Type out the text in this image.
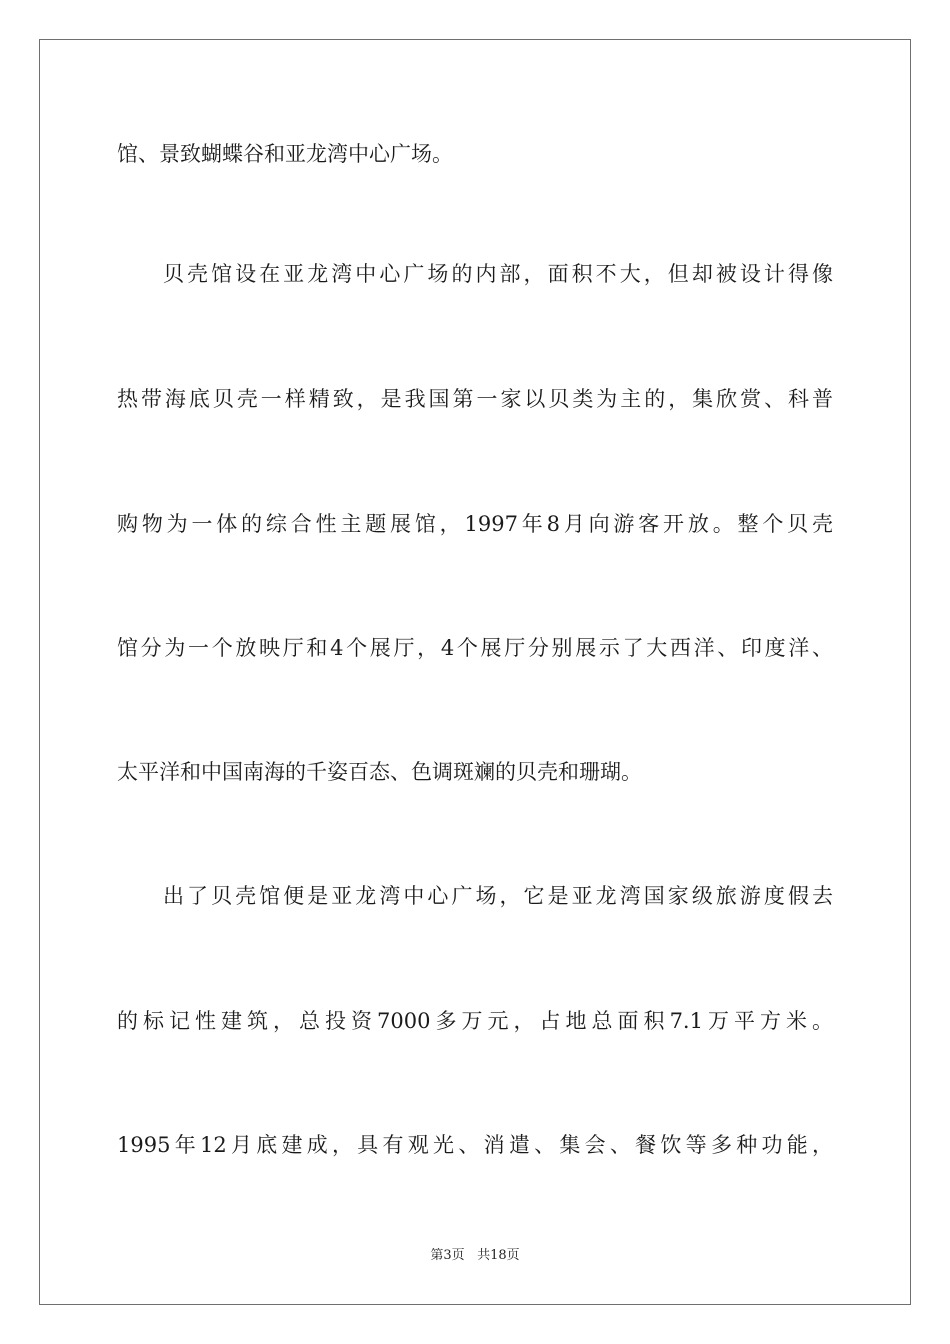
馆、景致蝴蝶谷和亚龙湾中心广场。
贝壳馆设在亚龙湾中心广场的内部，面积不大，但却被设计得像
热带海底贝壳一样精致，是我国第一家以贝类为主的，集欣赏、科普
购物为一体的综合性主题展馆，1997年8月向游客开放。整个贝壳
馆分为一个放映厅和4个展厅，4个展厅分别展示了大西洋、印度洋、
太平洋和中国南海的千姿百态、色调斑斓的贝壳和珊瑚。
出了贝壳馆便是亚龙湾中心广场，它是亚龙湾国家级旅游度假去
的标记性建筑，总投资7000多万元，占地总面积7.1万平方米。
1995年12月底建成，具有观光、消遣、集会、餐饮等多种功能，
第3页 共18页
